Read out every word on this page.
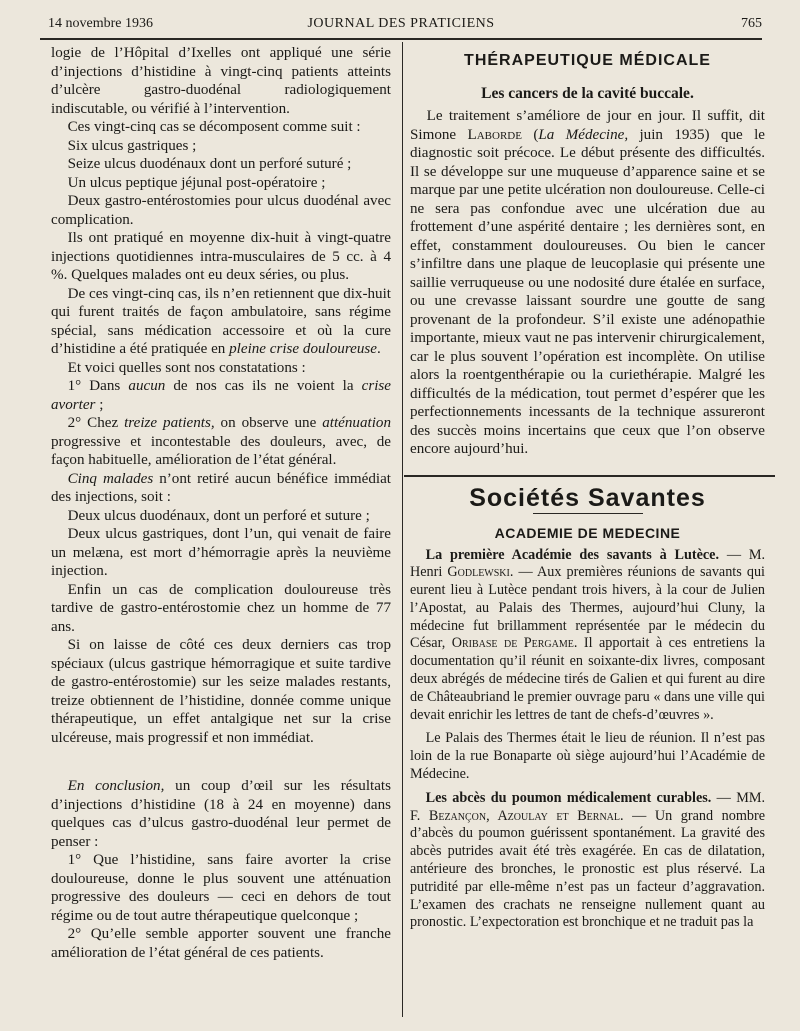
14 novembre 1936	JOURNAL DES PRATICIENS	765

logie de l’Hôpital d’Ixelles ont appliqué une série d’injections d’histidine à vingt-cinq patients atteints d’ulcère gastro-duodénal radiologiquement indiscutable, ou vérifié à l’intervention.

Ces vingt-cinq cas se décomposent comme suit :

Six ulcus gastriques ;

Seize ulcus duodénaux dont un perforé suturé ;

Un ulcus peptique jéjunal post-opératoire ;

Deux gastro-entérostomies pour ulcus duodénal avec complication.

Ils ont pratiqué en moyenne dix-huit à vingt-quatre injections quotidiennes intra-musculaires de 5 cc. à 4 %. Quelques malades ont eu deux séries, ou plus.

De ces vingt-cinq cas, ils n’en retiennent que dix-huit qui furent traités de façon ambulatoire, sans régime spécial, sans médication accessoire et où la cure d’histidine a été pratiquée en pleine crise douloureuse.

Et voici quelles sont nos constatations :

1° Dans aucun de nos cas ils ne voient la crise avorter ;

2° Chez treize patients, on observe une atténuation progressive et incontestable des douleurs, avec, de façon habituelle, amélioration de l’état général.

Cinq malades n’ont retiré aucun bénéfice immédiat des injections, soit :

Deux ulcus duodénaux, dont un perforé et suture ;

Deux ulcus gastriques, dont l’un, qui venait de faire un melæna, est mort d’hémorragie après la neuvième injection.

Enfin un cas de complication douloureuse très tardive de gastro-entérostomie chez un homme de 77 ans.

Si on laisse de côté ces deux derniers cas trop spéciaux (ulcus gastrique hémorragique et suite tardive de gastro-entérostomie) sur les seize malades restants, treize obtiennent de l’histidine, donnée comme unique thérapeutique, un effet antalgique net sur la crise ulcéreuse, mais progressif et non immédiat.

En conclusion, un coup d’œil sur les résultats d’injections d’histidine (18 à 24 en moyenne) dans quelques cas d’ulcus gastro-duodénal leur permet de penser :

1° Que l’histidine, sans faire avorter la crise douloureuse, donne le plus souvent une atténuation progressive des douleurs — ceci en dehors de tout régime ou de tout autre thérapeutique quelconque ;

2° Qu’elle semble apporter souvent une franche amélioration de l’état général de ces patients.

THÉRAPEUTIQUE MÉDICALE
Les cancers de la cavité buccale.

Le traitement s’améliore de jour en jour. Il suffit, dit Simone Laborde (La Médecine, juin 1935) que le diagnostic soit précoce. Le début présente des difficultés. Il se développe sur une muqueuse d’apparence saine et se marque par une petite ulcération non douloureuse. Celle-ci ne sera pas confondue avec une ulcération due au frottement d’une aspérité dentaire ; les dernières sont, en effet, constamment douloureuses. Ou bien le cancer s’infiltre dans une plaque de leucoplasie qui présente une saillie verruqueuse ou une nodosité dure étalée en surface, ou une crevasse laissant sourdre une goutte de sang provenant de la profondeur. S’il existe une adénopathie importante, mieux vaut ne pas intervenir chirurgicalement, car le plus souvent l’opération est incomplète. On utilise alors la roentgenthérapie ou la curiethérapie. Malgré les difficultés de la médication, tout permet d’espérer que les perfectionnements incessants de la technique assureront des succès moins incertains que ceux que l’on observe encore aujourd’hui.

Sociétés Savantes
ACADEMIE DE MEDECINE

La première Académie des savants à Lutèce. — M. Henri Godlewski. — Aux premières réunions de savants qui eurent lieu à Lutèce pendant trois hivers, à la cour de Julien l’Apostat, au Palais des Thermes, aujourd’hui Cluny, la médecine fut brillamment représentée par le médecin du César, Oribase de Pergame. Il apportait à ces entretiens la documentation qu’il réunit en soixante-dix livres, composant deux abrégés de médecine tirés de Galien et qui furent au dire de Châteaubriand le premier ouvrage paru « dans une ville qui devait enrichir les lettres de tant de chefs-d’œuvres ».

Le Palais des Thermes était le lieu de réunion. Il n’est pas loin de la rue Bonaparte où siège aujourd’hui l’Académie de Médecine.

Les abcès du poumon médicalement curables. — MM. F. Bezançon, Azoulay et Bernal. — Un grand nombre d’abcès du poumon guérissent spontanément. La gravité des abcès putrides avait été très exagérée. En cas de dilatation, antérieure des bronches, le pronostic est plus réservé. La putridité par elle-même n’est pas un facteur d’aggravation. L’examen des crachats ne renseigne nullement quant au pronostic. L’expectoration est bronchique et ne traduit pas la
